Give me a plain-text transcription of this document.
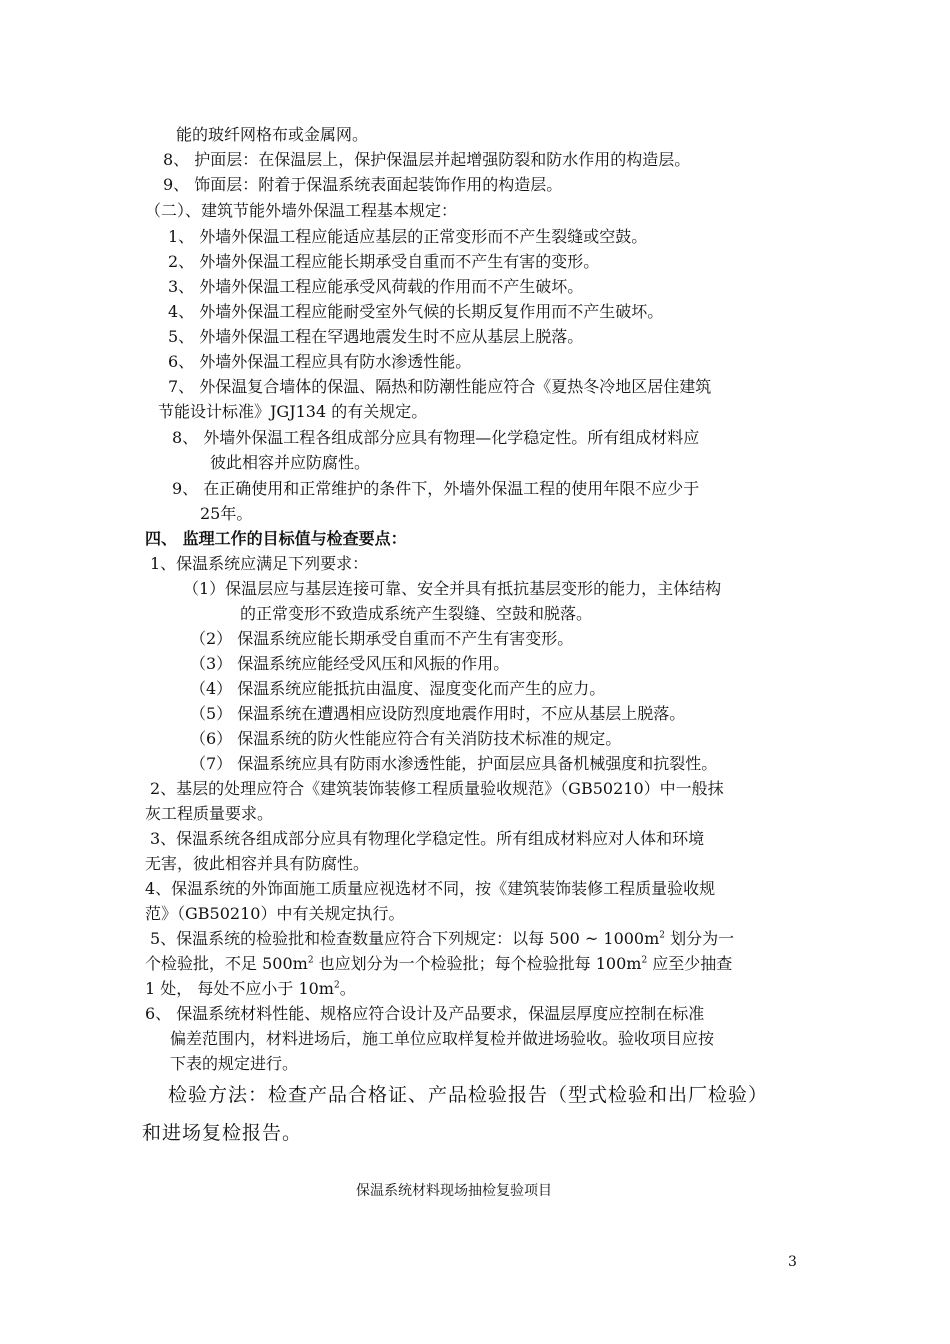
能的玻纤网格布或金属网。
8、 护面层：在保温层上，保护保温层并起增强防裂和防水作用的构造层。
9、 饰面层：附着于保温系统表面起装饰作用的构造层。
（二）、建筑节能外墙外保温工程基本规定：
1、 外墙外保温工程应能适应基层的正常变形而不产生裂缝或空鼓。
2、 外墙外保温工程应能长期承受自重而不产生有害的变形。
3、 外墙外保温工程应能承受风荷载的作用而不产生破坏。
4、 外墙外保温工程应能耐受室外气候的长期反复作用而不产生破坏。
5、 外墙外保温工程在罕遇地震发生时不应从基层上脱落。
6、 外墙外保温工程应具有防水渗透性能。
7、 外保温复合墙体的保温、隔热和防潮性能应符合《夏热冬冷地区居住建筑
节能设计标准》JGJ134 的有关规定。
8、 外墙外保温工程各组成部分应具有物理—化学稳定性。所有组成材料应
彼此相容并应防腐性。
9、 在正确使用和正常维护的条件下，外墙外保温工程的使用年限不应少于
25年。
四、 监理工作的目标值与检查要点：
1、保温系统应满足下列要求：
（1）保温层应与基层连接可靠、安全并具有抵抗基层变形的能力，主体结构
的正常变形不致造成系统产生裂缝、空鼓和脱落。
（2） 保温系统应能长期承受自重而不产生有害变形。
（3） 保温系统应能经受风压和风振的作用。
（4） 保温系统应能抵抗由温度、湿度变化而产生的应力。
（5） 保温系统在遭遇相应设防烈度地震作用时，不应从基层上脱落。
（6） 保温系统的防火性能应符合有关消防技术标准的规定。
（7） 保温系统应具有防雨水渗透性能，护面层应具备机械强度和抗裂性。
2、基层的处理应符合《建筑装饰装修工程质量验收规范》（GB50210）中一般抹
灰工程质量要求。
3、保温系统各组成部分应具有物理化学稳定性。所有组成材料应对人体和环境
无害，彼此相容并具有防腐性。
4、保温系统的外饰面施工质量应视选材不同，按《建筑装饰装修工程质量验收规
范》（GB50210）中有关规定执行。
5、保温系统的检验批和检查数量应符合下列规定：以每 500 ~ $1000m^2$ 划分为一
个检验批，不足 $500m^2$ 也应划分为一个检验批；每个检验批每 $100m^2$ 应至少抽查
1 处， 每处不应小于 $10m^2$。
6、 保温系统材料性能、规格应符合设计及产品要求，保温层厚度应控制在标准
偏差范围内，材料进场后，施工单位应取样复检并做进场验收。验收项目应按
下表的规定进行。
检验方法：检查产品合格证、产品检验报告（型式检验和出厂检验）
和进场复检报告。
保温系统材料现场抽检复验项目
3
